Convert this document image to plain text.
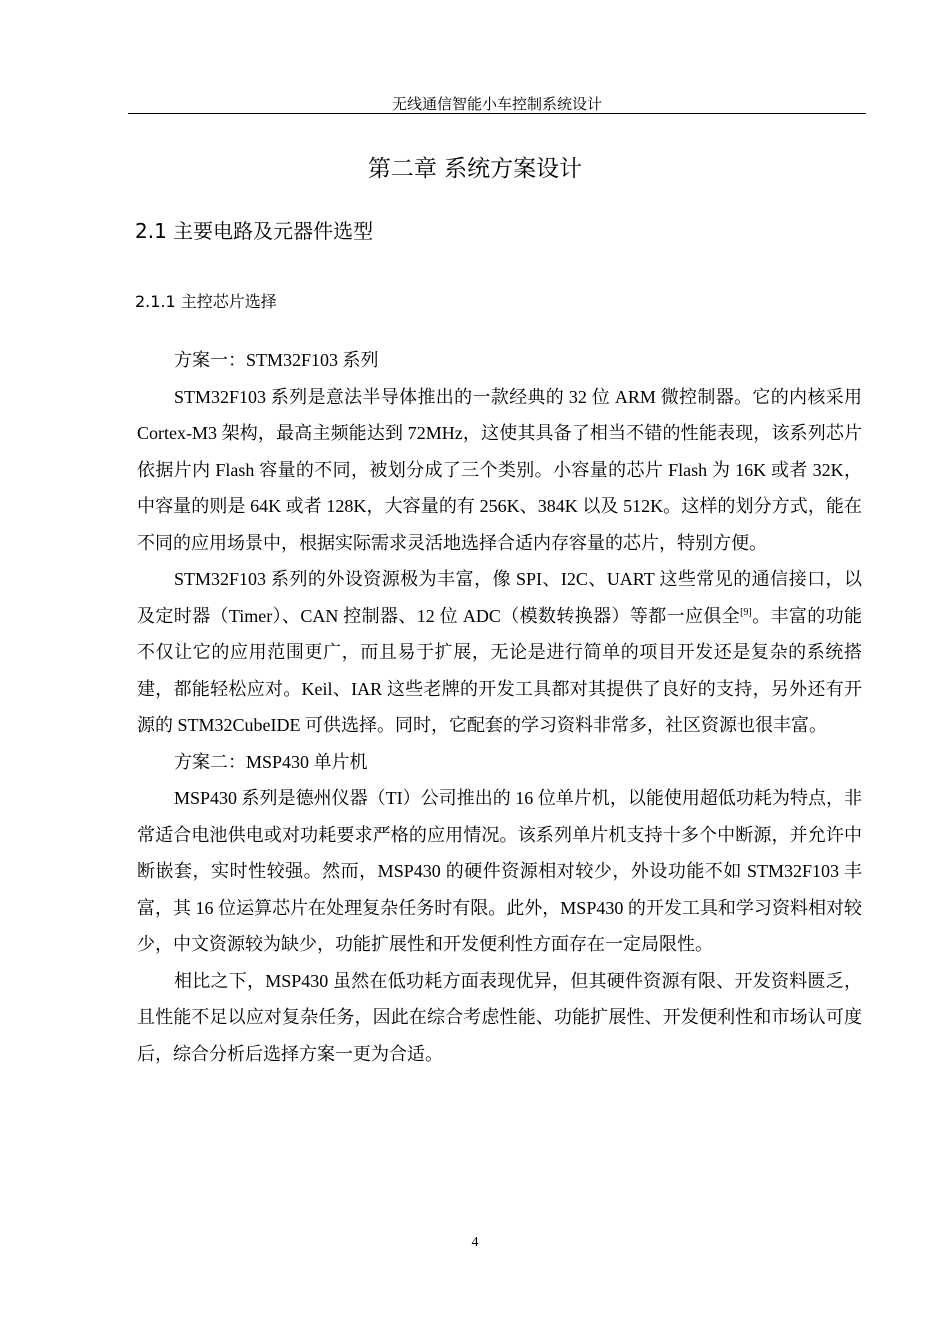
无线通信智能小车控制系统设计
第二章 系统方案设计
2.1 主要电路及元器件选型
2.1.1 主控芯片选择

方案一：STM32F103 系列

STM32F103 系列是意法半导体推出的一款经典的 32 位 ARM 微控制器。它的内核采用 Cortex-M3 架构，最高主频能达到 72MHz，这使其具备了相当不错的性能表现，该系列芯片依据片内 Flash 容量的不同，被划分成了三个类别。小容量的芯片 Flash 为 16K 或者 32K，中容量的则是 64K 或者 128K，大容量的有 256K、384K 以及 512K。这样的划分方式，能在不同的应用场景中，根据实际需求灵活地选择合适内存容量的芯片，特别方便。

STM32F103 系列的外设资源极为丰富，像 SPI、I2C、UART 这些常见的通信接口，以及定时器（Timer）、CAN 控制器、12 位 ADC（模数转换器）等都一应俱全[9]。丰富的功能不仅让它的应用范围更广，而且易于扩展，无论是进行简单的项目开发还是复杂的系统搭建，都能轻松应对。Keil、IAR 这些老牌的开发工具都对其提供了良好的支持，另外还有开源的 STM32CubeIDE 可供选择。同时，它配套的学习资料非常多，社区资源也很丰富。

方案二：MSP430 单片机

MSP430 系列是德州仪器（TI）公司推出的 16 位单片机，以能使用超低功耗为特点，非常适合电池供电或对功耗要求严格的应用情况。该系列单片机支持十多个中断源，并允许中断嵌套，实时性较强。然而，MSP430 的硬件资源相对较少，外设功能不如 STM32F103 丰富，其 16 位运算芯片在处理复杂任务时有限。此外，MSP430 的开发工具和学习资料相对较少，中文资源较为缺少，功能扩展性和开发便利性方面存在一定局限性。

相比之下，MSP430 虽然在低功耗方面表现优异，但其硬件资源有限、开发资料匮乏，且性能不足以应对复杂任务，因此在综合考虑性能、功能扩展性、开发便利性和市场认可度后，综合分析后选择方案一更为合适。

4
